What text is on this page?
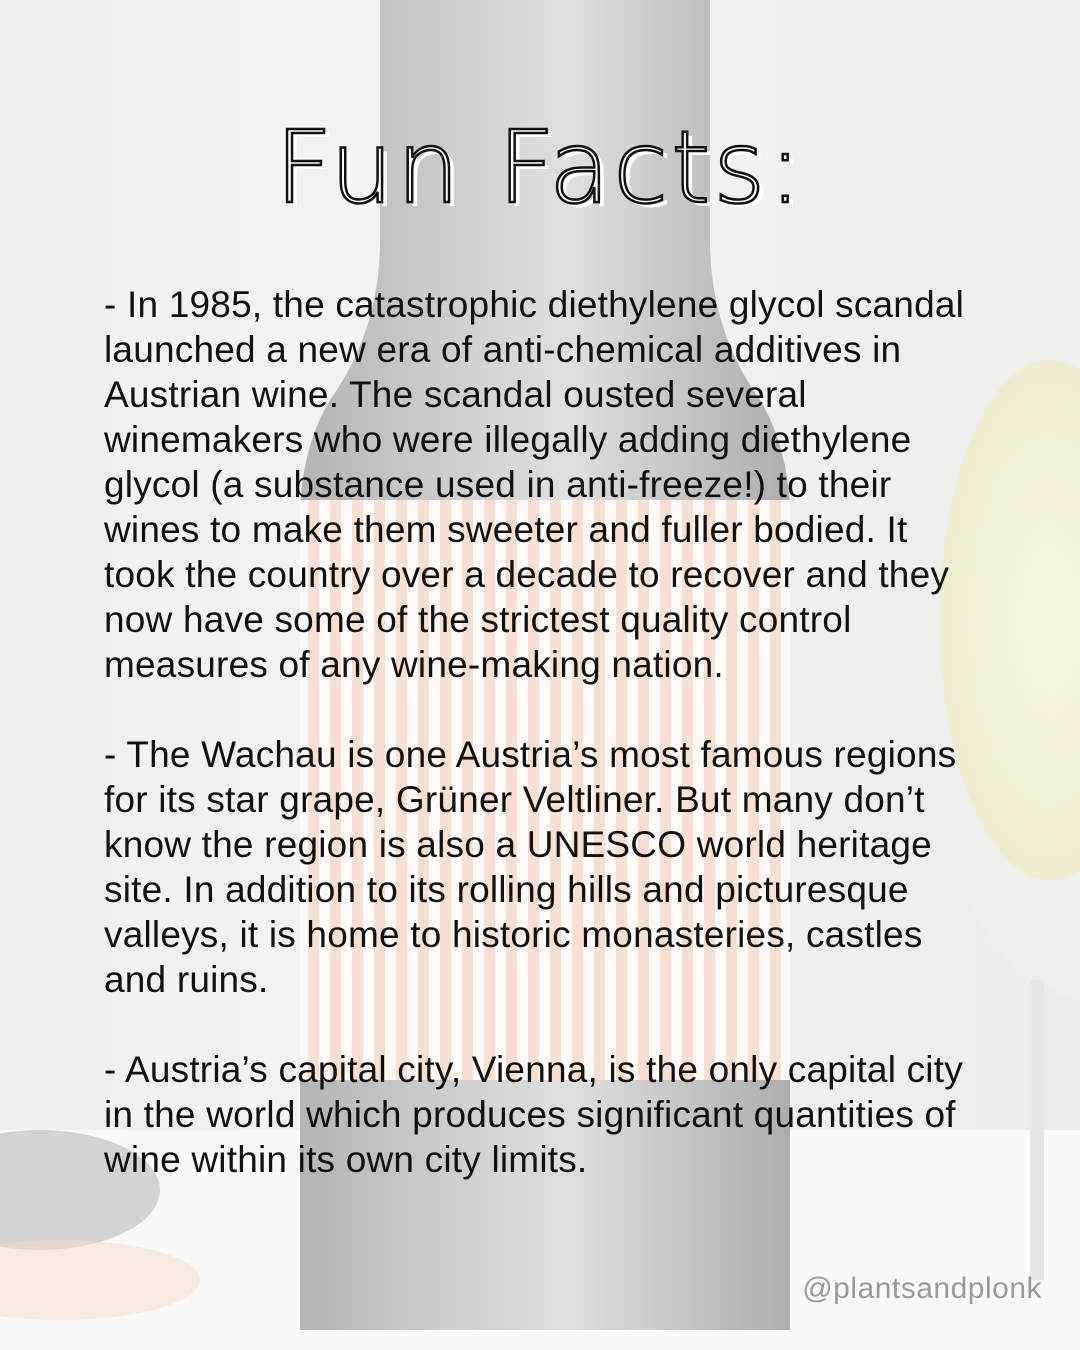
Fun Facts:

- In 1985, the catastrophic diethylene glycol scandal launched a new era of anti-chemical additives in Austrian wine. The scandal ousted several winemakers who were illegally adding diethylene glycol (a substance used in anti-freeze!) to their wines to make them sweeter and fuller bodied. It took the country over a decade to recover and they now have some of the strictest quality control measures of any wine-making nation.

- The Wachau is one Austria’s most famous regions for its star grape, Grüner Veltliner. But many don’t know the region is also a UNESCO world heritage site. In addition to its rolling hills and picturesque valleys, it is home to historic monasteries, castles and ruins.

- Austria’s capital city, Vienna, is the only capital city in the world which produces significant quantities of wine within its own city limits.

@plantsandplonk
